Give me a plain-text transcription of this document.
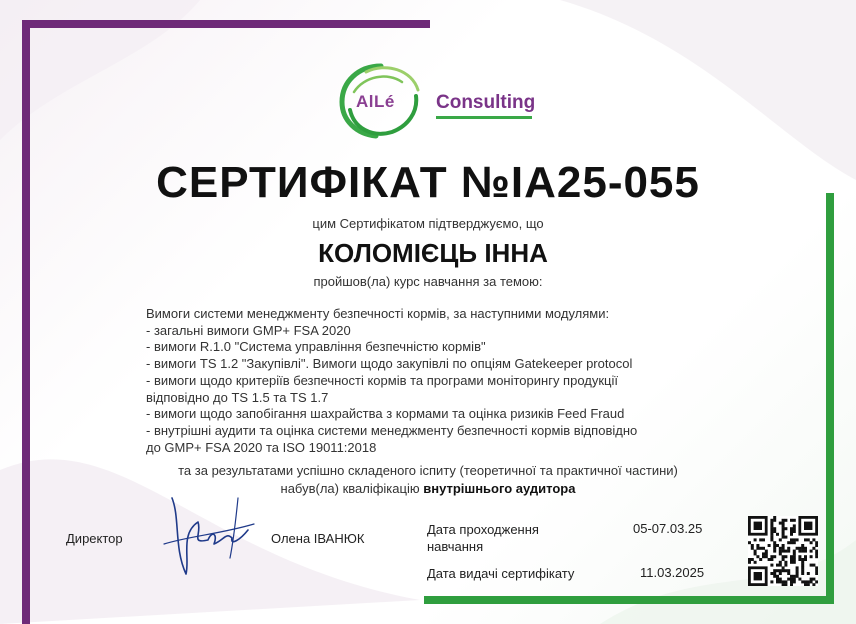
AlLé Consulting
СЕРТИФІКАТ №IA25-055
цим Сертифікатом підтверджуємо, що
КОЛОМІЄЦЬ ІННА
пройшов(ла) курс навчання за темою:
Вимоги системи менеджменту безпечності кормів, за наступними модулями:
- загальні вимоги GMP+ FSA 2020
- вимоги R.1.0 "Система управління безпечністю кормів"
- вимоги TS 1.2 "Закупівлі". Вимоги щодо закупівлі по опціям Gatekeeper protocol
- вимоги щодо критеріїв безпечності кормів та програми моніторингу продукції
відповідно до TS 1.5 та TS 1.7
- вимоги щодо запобігання шахрайства з кормами та оцінка ризиків Feed Fraud
- внутрішні аудити та оцінка системи менеджменту безпечності кормів відповідно
до GMP+ FSA 2020 та ISO 19011:2018
та за результатами успішно складеного іспиту (теоретичної та практичної частини)
набув(ла) кваліфікацію внутрішнього аудитора
Директор	Олена ІВАНЮК
Дата проходження
навчання
05-07.03.25
Дата видачі сертифікату	11.03.2025
